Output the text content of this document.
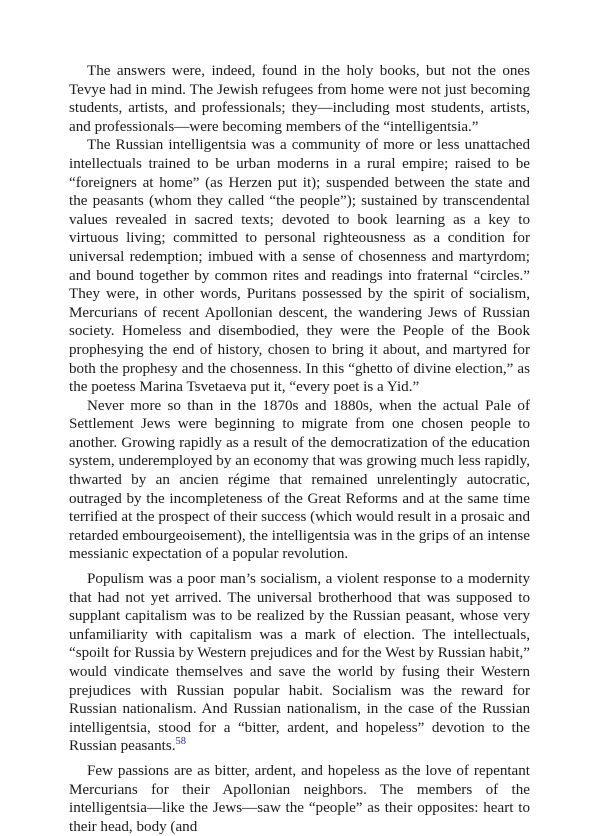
The answers were, indeed, found in the holy books, but not the ones Tevye had in mind. The Jewish refugees from home were not just becoming students, artists, and professionals; they—including most students, artists, and professionals—were becoming members of the “intelligentsia.”

The Russian intelligentsia was a community of more or less unattached intellectuals trained to be urban moderns in a rural empire; raised to be “foreigners at home” (as Herzen put it); suspended between the state and the peasants (whom they called “the people”); sustained by transcendental values revealed in sacred texts; devoted to book learning as a key to virtuous living; committed to personal righteousness as a condition for universal redemption; imbued with a sense of chosenness and martyrdom; and bound together by common rites and readings into fraternal “circles.” They were, in other words, Puritans possessed by the spirit of socialism, Mercurians of recent Apollonian descent, the wandering Jews of Russian society. Homeless and disembodied, they were the People of the Book prophesying the end of history, chosen to bring it about, and martyred for both the prophesy and the chosenness. In this “ghetto of divine election,” as the poetess Marina Tsvetaeva put it, “every poet is a Yid.”

Never more so than in the 1870s and 1880s, when the actual Pale of Settlement Jews were beginning to migrate from one chosen people to another. Growing rapidly as a result of the democratization of the education system, underemployed by an economy that was growing much less rapidly, thwarted by an ancien régime that remained unrelentingly autocratic, outraged by the incompleteness of the Great Reforms and at the same time terrified at the prospect of their success (which would result in a prosaic and retarded embourgeoisement), the intelligentsia was in the grips of an intense messianic expectation of a popular revolution.

Populism was a poor man’s socialism, a violent response to a modernity that had not yet arrived. The universal brotherhood that was supposed to supplant capitalism was to be realized by the Russian peasant, whose very unfamiliarity with capitalism was a mark of election. The intellectuals, “spoilt for Russia by Western prejudices and for the West by Russian habit,” would vindicate themselves and save the world by fusing their Western prejudices with Russian popular habit. Socialism was the reward for Russian nationalism. And Russian nationalism, in the case of the Russian intelligentsia, stood for a “bitter, ardent, and hopeless” devotion to the Russian peasants.$^{58}$

Few passions are as bitter, ardent, and hopeless as the love of repentant Mercurians for their Apollonian neighbors. The members of the intelligentsia—like the Jews—saw the “people” as their opposites: heart to their head, body (and
